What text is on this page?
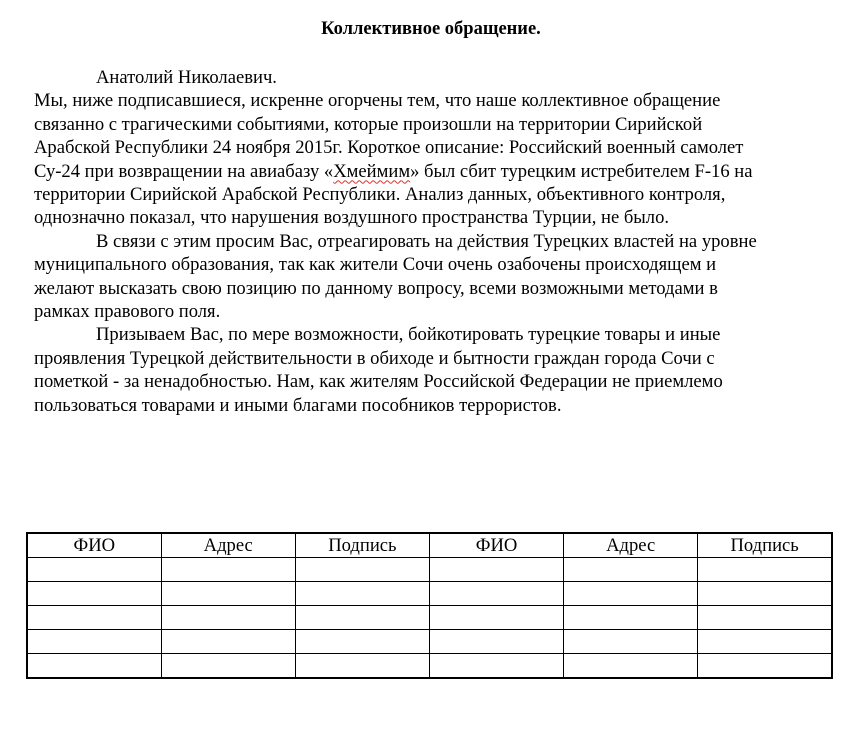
Коллективное обращение.
Анатолий Николаевич.
Мы, ниже подписавшиеся, искренне огорчены тем, что наше коллективное обращение
связанно с трагическими событиями, которые произошли на территории Сирийской
Арабской Республики 24 ноября 2015г. Короткое описание: Российский военный самолет
Су-24 при возвращении на авиабазу «Хмеймим» был сбит турецким истребителем F-16 на
территории Сирийской Арабской Республики. Анализ данных, объективного контроля,
однозначно показал, что нарушения воздушного пространства Турции, не было.
В связи с этим просим Вас, отреагировать на действия Турецких властей на уровне
муниципального образования, так как жители Сочи очень озабочены происходящем и
желают высказать свою позицию по данному вопросу, всеми возможными методами в
рамках правового поля.
Призываем Вас, по мере возможности, бойкотировать турецкие товары и иные
проявления Турецкой действительности в обиходе и бытности граждан города Сочи с
пометкой - за ненадобностью. Нам, как жителям Российской Федерации не приемлемо
пользоваться товарами и иными благами пособников террористов.
ФИО	Адрес	Подпись	ФИО	Адрес	Подпись
